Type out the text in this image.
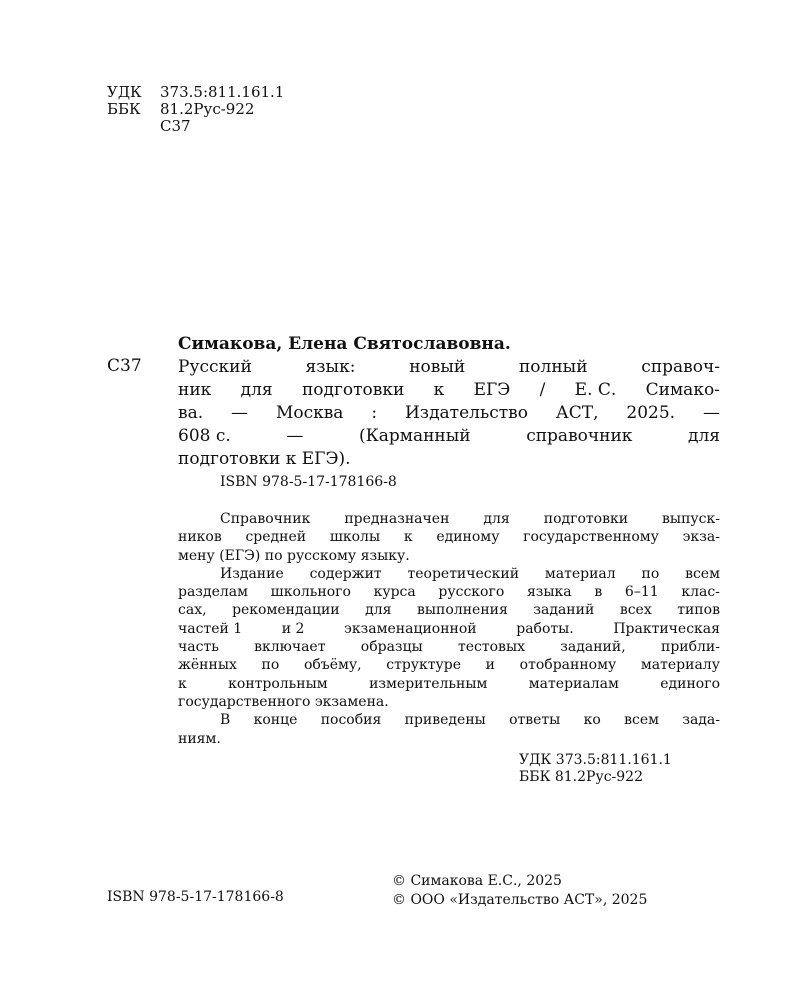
УДК	373.5:811.161.1
ББК	81.2Рус-922
С37
Симакова, Елена Святославовна.
С37 Русский	язык:	новый	полный	справоч-
ник для подготовки к ЕГЭ / Е. С. Симако-
ва. — Москва : Издательство АСТ, 2025. —
608 с.	—	(Карманный	справочник	для
подготовки к ЕГЭ).
ISBN 978-5-17-178166-8
Справочник предназначен для подготовки выпуск-
ников средней школы к единому государственному экза-
мену (ЕГЭ) по русскому языку.
Издание содержит теоретический материал по всем
разделам школьного курса русского языка в 6–11 клас-
сах, рекомендации для выполнения заданий всех типов
частей 1	и 2	экзаменационной	работы.	Практическая
часть	включает	образцы	тестовых	заданий,	прибли-
жённых по объёму, структуре и отобранному материалу
к	контрольным	измерительным	материалам	единого
государственного экзамена.
В конце пособия приведены ответы ко всем зада-
ниям.
УДК 373.5:811.161.1
ББК 81.2Рус-922
ISBN 978-5-17-178166-8
© Симакова Е.С., 2025
© ООО «Издательство АСТ», 2025
